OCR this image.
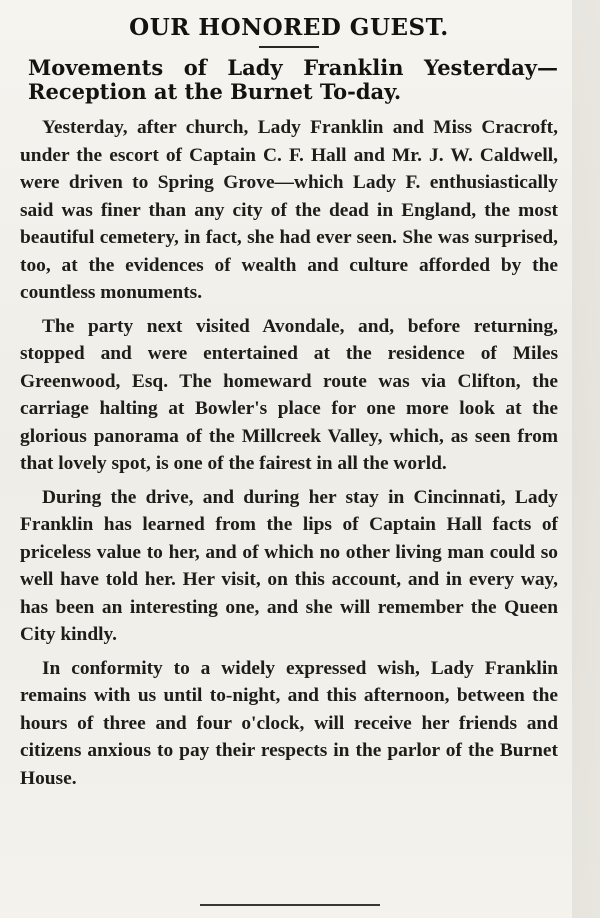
OUR HONORED GUEST.
Movements of Lady Franklin Yesterday—Reception at the Burnet To-day.

Yesterday, after church, Lady Franklin and Miss Cracroft, under the escort of Captain C. F. Hall and Mr. J. W. Caldwell, were driven to Spring Grove—which Lady F. enthusiastically said was finer than any city of the dead in England, the most beautiful cemetery, in fact, she had ever seen. She was surprised, too, at the evidences of wealth and culture afforded by the countless monuments.

The party next visited Avondale, and, before returning, stopped and were entertained at the residence of Miles Greenwood, Esq. The homeward route was via Clifton, the carriage halting at Bowler's place for one more look at the glorious panorama of the Millcreek Valley, which, as seen from that lovely spot, is one of the fairest in all the world.

During the drive, and during her stay in Cincinnati, Lady Franklin has learned from the lips of Captain Hall facts of priceless value to her, and of which no other living man could so well have told her. Her visit, on this account, and in every way, has been an interesting one, and she will remember the Queen City kindly.

In conformity to a widely expressed wish, Lady Franklin remains with us until to-night, and this afternoon, between the hours of three and four o'clock, will receive her friends and citizens anxious to pay their respects in the parlor of the Burnet House.
